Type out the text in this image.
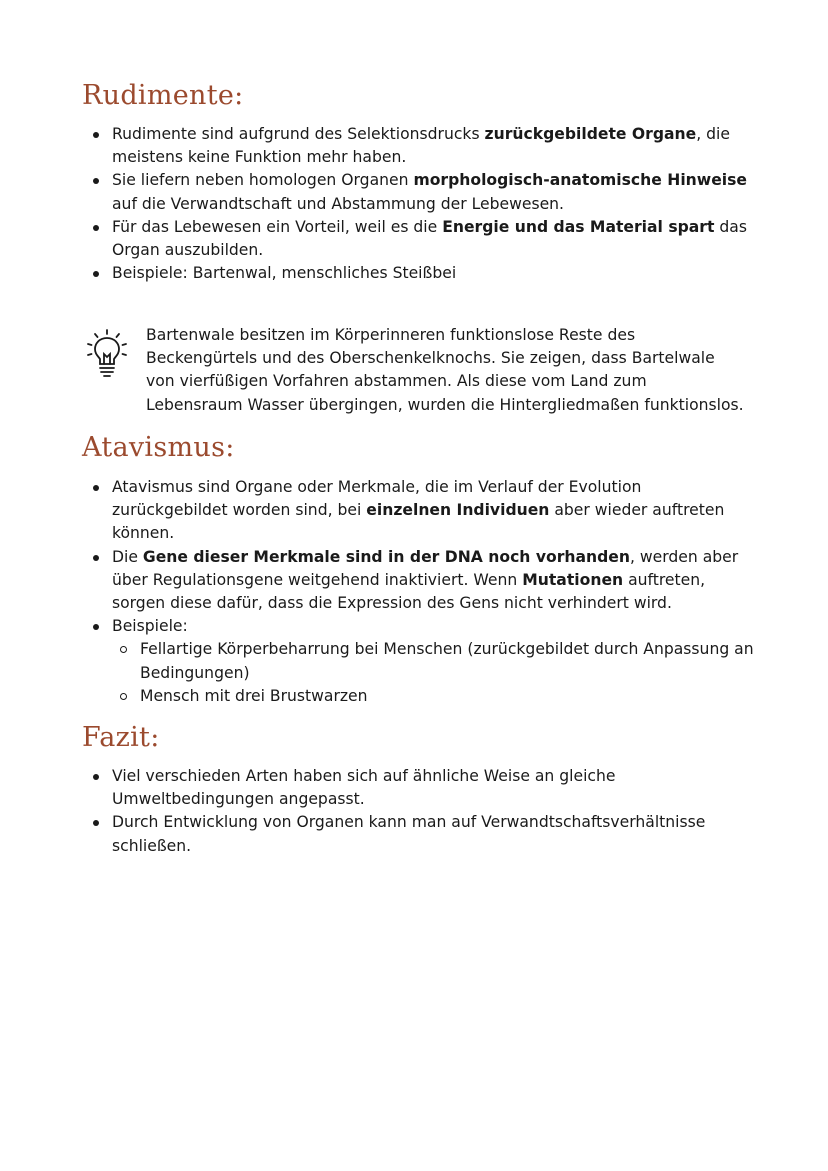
Rudimente:
Rudimente sind aufgrund des Selektionsdrucks zurückgebildete Organe, die meistens keine Funktion mehr haben.
Sie liefern neben homologen Organen morphologisch-anatomische Hinweise auf die Verwandtschaft und Abstammung der Lebewesen.
Für das Lebewesen ein Vorteil, weil es die Energie und das Material spart das Organ auszubilden.
Beispiele: Bartenwal, menschliches Steißbei
Bartenwale besitzen im Körperinneren funktionslose Reste des Beckengürtels und des Oberschenkelknochs. Sie zeigen, dass Bartelwale von vierfüßigen Vorfahren abstammen. Als diese vom Land zum Lebensraum Wasser übergingen, wurden die Hintergliedmaßen funktionslos.
Atavismus:
Atavismus sind Organe oder Merkmale, die im Verlauf der Evolution zurückgebildet worden sind, bei einzelnen Individuen aber wieder auftreten können.
Die Gene dieser Merkmale sind in der DNA noch vorhanden, werden aber über Regulationsgene weitgehend inaktiviert. Wenn Mutationen auftreten, sorgen diese dafür, dass die Expression des Gens nicht verhindert wird.
Beispiele:
Fellartige Körperbeharrung bei Menschen (zurückgebildet durch Anpassung an Bedingungen)
Mensch mit drei Brustwarzen
Fazit:
Viel verschieden Arten haben sich auf ähnliche Weise an gleiche Umweltbedingungen angepasst.
Durch Entwicklung von Organen kann man auf Verwandtschaftsverhältnisse schließen.
